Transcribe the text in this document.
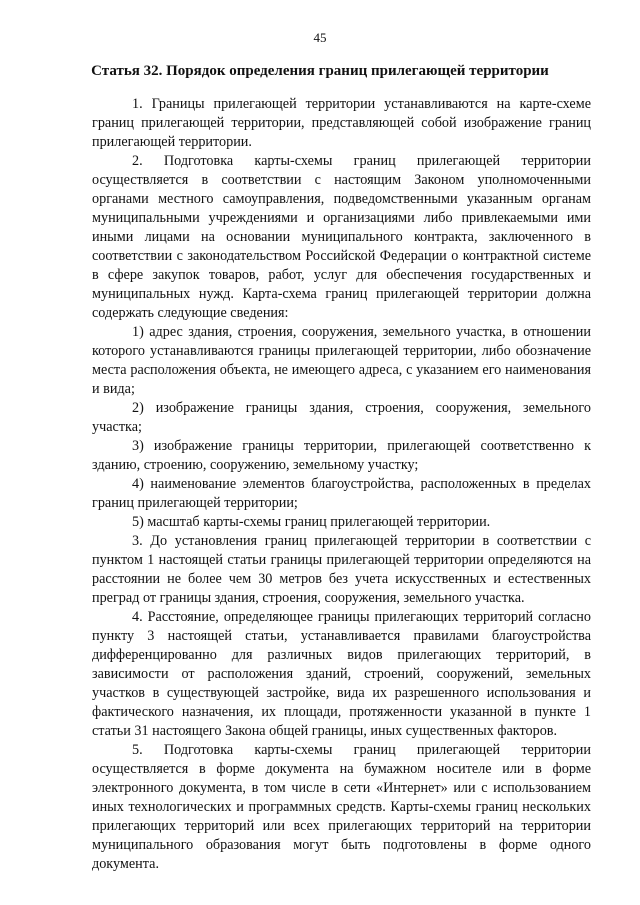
45
Статья 32. Порядок определения границ прилегающей территории

1. Границы прилегающей территории устанавливаются на карте-схеме границ прилегающей территории, представляющей собой изображение границ прилегающей территории.

2. Подготовка карты-схемы границ прилегающей территории осуществляется в соответствии с настоящим Законом уполномоченными органами местного самоуправления, подведомственными указанным органам муниципальными учреждениями и организациями либо привлекаемыми ими иными лицами на основании муниципального контракта, заключенного в соответствии с законодательством Российской Федерации о контрактной системе в сфере закупок товаров, работ, услуг для обеспечения государственных и муниципальных нужд. Карта-схема границ прилегающей территории должна содержать следующие сведения:

1) адрес здания, строения, сооружения, земельного участка, в отношении которого устанавливаются границы прилегающей территории, либо обозначение места расположения объекта, не имеющего адреса, с указанием его наименования и вида;

2) изображение границы здания, строения, сооружения, земельного участка;

3) изображение границы территории, прилегающей соответственно к зданию, строению, сооружению, земельному участку;

4) наименование элементов благоустройства, расположенных в пределах границ прилегающей территории;

5) масштаб карты-схемы границ прилегающей территории.

3. До установления границ прилегающей территории в соответствии с пунктом 1 настоящей статьи границы прилегающей территории определяются на расстоянии не более чем 30 метров без учета искусственных и естественных преград от границы здания, строения, сооружения, земельного участка.

4. Расстояние, определяющее границы прилегающих территорий согласно пункту 3 настоящей статьи, устанавливается правилами благоустройства дифференцированно для различных видов прилегающих территорий, в зависимости от расположения зданий, строений, сооружений, земельных участков в существующей застройке, вида их разрешенного использования и фактического назначения, их площади, протяженности указанной в пункте 1 статьи 31 настоящего Закона общей границы, иных существенных факторов.

5. Подготовка карты-схемы границ прилегающей территории осуществляется в форме документа на бумажном носителе или в форме электронного документа, в том числе в сети «Интернет» или с использованием иных технологических и программных средств. Карты-схемы границ нескольких прилегающих территорий или всех прилегающих территорий на территории муниципального образования могут быть подготовлены в форме одного документа.
